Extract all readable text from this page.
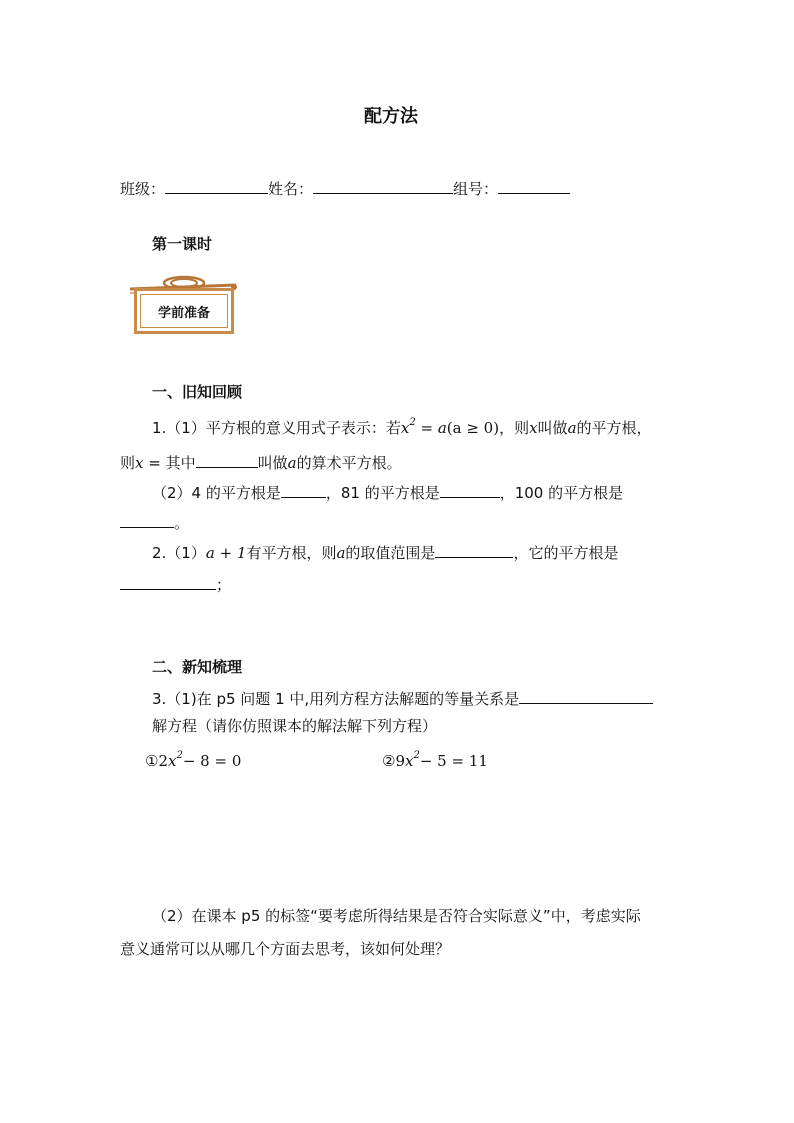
配方法
班级：	姓名：	组号：
第一课时
学前准备
一、旧知回顾
1.（1）平方根的意义用式子表示：若$x^2 = a(a \ge 0)$，则x叫做a的平方根，
则x = 其中	叫做a的算术平方根。
（2）4 的平方根是	，81 的平方根是	，100 的平方根是
。
2.（1）a + 1有平方根，则a的取值范围是	，它的平方根是
；
二、新知梳理
3.（1)在 p5 问题 1 中,用列方程方法解题的等量关系是
解方程（请你仿照课本的解法解下列方程）
$①2x^2- 8 = 0$	$②9x^2- 5 = 11$
（2）在课本 p5 的标签“要考虑所得结果是否符合实际意义”中，考虑实际
意义通常可以从哪几个方面去思考，该如何处理？
